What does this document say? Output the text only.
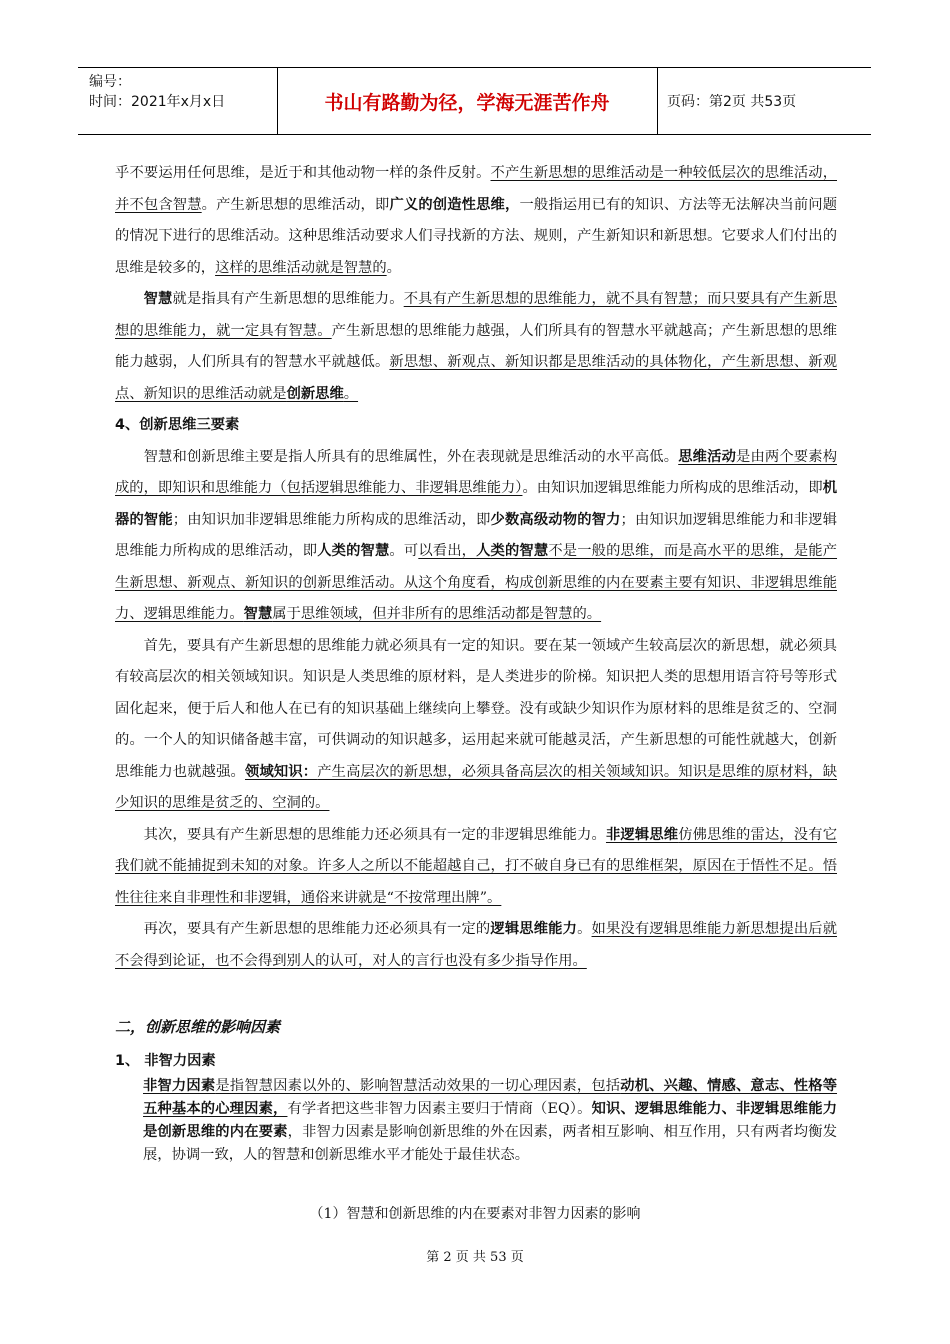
编号：
时间：2021年x月x日	书山有路勤为径，学海无涯苦作舟	页码：第2页 共53页

乎不要运用任何思维，是近于和其他动物一样的条件反射。不产生新思想的思维活动是一种较低层次的思维活动，并不包含智慧。产生新思想的思维活动，即广义的创造性思维，一般指运用已有的知识、方法等无法解决当前问题的情况下进行的思维活动。这种思维活动要求人们寻找新的方法、规则，产生新知识和新思想。它要求人们付出的思维是较多的，这样的思维活动就是智慧的。

智慧就是指具有产生新思想的思维能力。不具有产生新思想的思维能力，就不具有智慧；而只要具有产生新思想的思维能力，就一定具有智慧。产生新思想的思维能力越强，人们所具有的智慧水平就越高；产生新思想的思维能力越弱，人们所具有的智慧水平就越低。新思想、新观点、新知识都是思维活动的具体物化，产生新思想、新观点、新知识的思维活动就是创新思维。

4、创新思维三要素

智慧和创新思维主要是指人所具有的思维属性，外在表现就是思维活动的水平高低。思维活动是由两个要素构成的，即知识和思维能力（包括逻辑思维能力、非逻辑思维能力）。由知识加逻辑思维能力所构成的思维活动，即机器的智能；由知识加非逻辑思维能力所构成的思维活动，即少数高级动物的智力；由知识加逻辑思维能力和非逻辑思维能力所构成的思维活动，即人类的智慧。可以看出，人类的智慧不是一般的思维，而是高水平的思维，是能产生新思想、新观点、新知识的创新思维活动。从这个角度看，构成创新思维的内在要素主要有知识、非逻辑思维能力、逻辑思维能力。智慧属于思维领域，但并非所有的思维活动都是智慧的。

首先，要具有产生新思想的思维能力就必须具有一定的知识。要在某一领域产生较高层次的新思想，就必须具有较高层次的相关领域知识。知识是人类思维的原材料，是人类进步的阶梯。知识把人类的思想用语言符号等形式固化起来，便于后人和他人在已有的知识基础上继续向上攀登。没有或缺少知识作为原材料的思维是贫乏的、空洞的。一个人的知识储备越丰富，可供调动的知识越多，运用起来就可能越灵活，产生新思想的可能性就越大，创新思维能力也就越强。领域知识：产生高层次的新思想，必须具备高层次的相关领域知识。知识是思维的原材料，缺少知识的思维是贫乏的、空洞的。

其次，要具有产生新思想的思维能力还必须具有一定的非逻辑思维能力。非逻辑思维仿佛思维的雷达，没有它我们就不能捕捉到未知的对象。许多人之所以不能超越自己，打不破自身已有的思维框架，原因在于悟性不足。悟性往往来自非理性和非逻辑，通俗来讲就是“不按常理出牌”。

再次，要具有产生新思想的思维能力还必须具有一定的逻辑思维能力。如果没有逻辑思维能力新思想提出后就不会得到论证，也不会得到别人的认可，对人的言行也没有多少指导作用。

二，创新思维的影响因素
1、 非智力因素

非智力因素是指智慧因素以外的、影响智慧活动效果的一切心理因素，包括动机、兴趣、情感、意志、性格等五种基本的心理因素，有学者把这些非智力因素主要归于情商（EQ）。知识、逻辑思维能力、非逻辑思维能力是创新思维的内在要素，非智力因素是影响创新思维的外在因素，两者相互影响、相互作用，只有两者均衡发展，协调一致，人的智慧和创新思维水平才能处于最佳状态。

（1）智慧和创新思维的内在要素对非智力因素的影响
第 2 页 共 53 页
